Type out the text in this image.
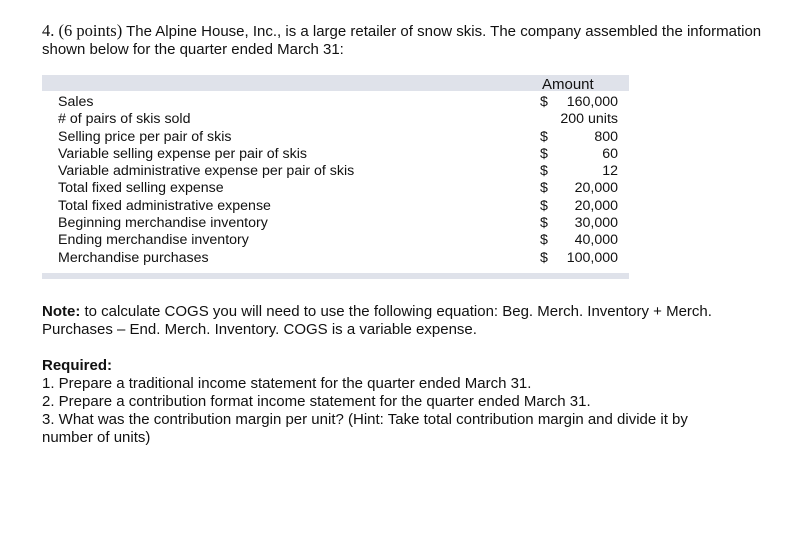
4. (6 points) The Alpine House, Inc., is a large retailer of snow skis. The company assembled the information shown below for the quarter ended March 31:
Amount
Sales	$ 160,000
# of pairs of skis sold	200 units
Selling price per pair of skis	$	800
Variable selling expense per pair of skis	$	60
Variable administrative expense per pair of skis	$	12
Total fixed selling expense	$ 20,000
Total fixed administrative expense	$ 20,000
Beginning merchandise inventory	$ 30,000
Ending merchandise inventory	$ 40,000
Merchandise purchases	$ 100,000
Note: to calculate COGS you will need to use the following equation: Beg. Merch. Inventory + Merch. Purchases – End. Merch. Inventory. COGS is a variable expense.
Required:
1. Prepare a traditional income statement for the quarter ended March 31.
2. Prepare a contribution format income statement for the quarter ended March 31.
3. What was the contribution margin per unit? (Hint: Take total contribution margin and divide it by number of units)
